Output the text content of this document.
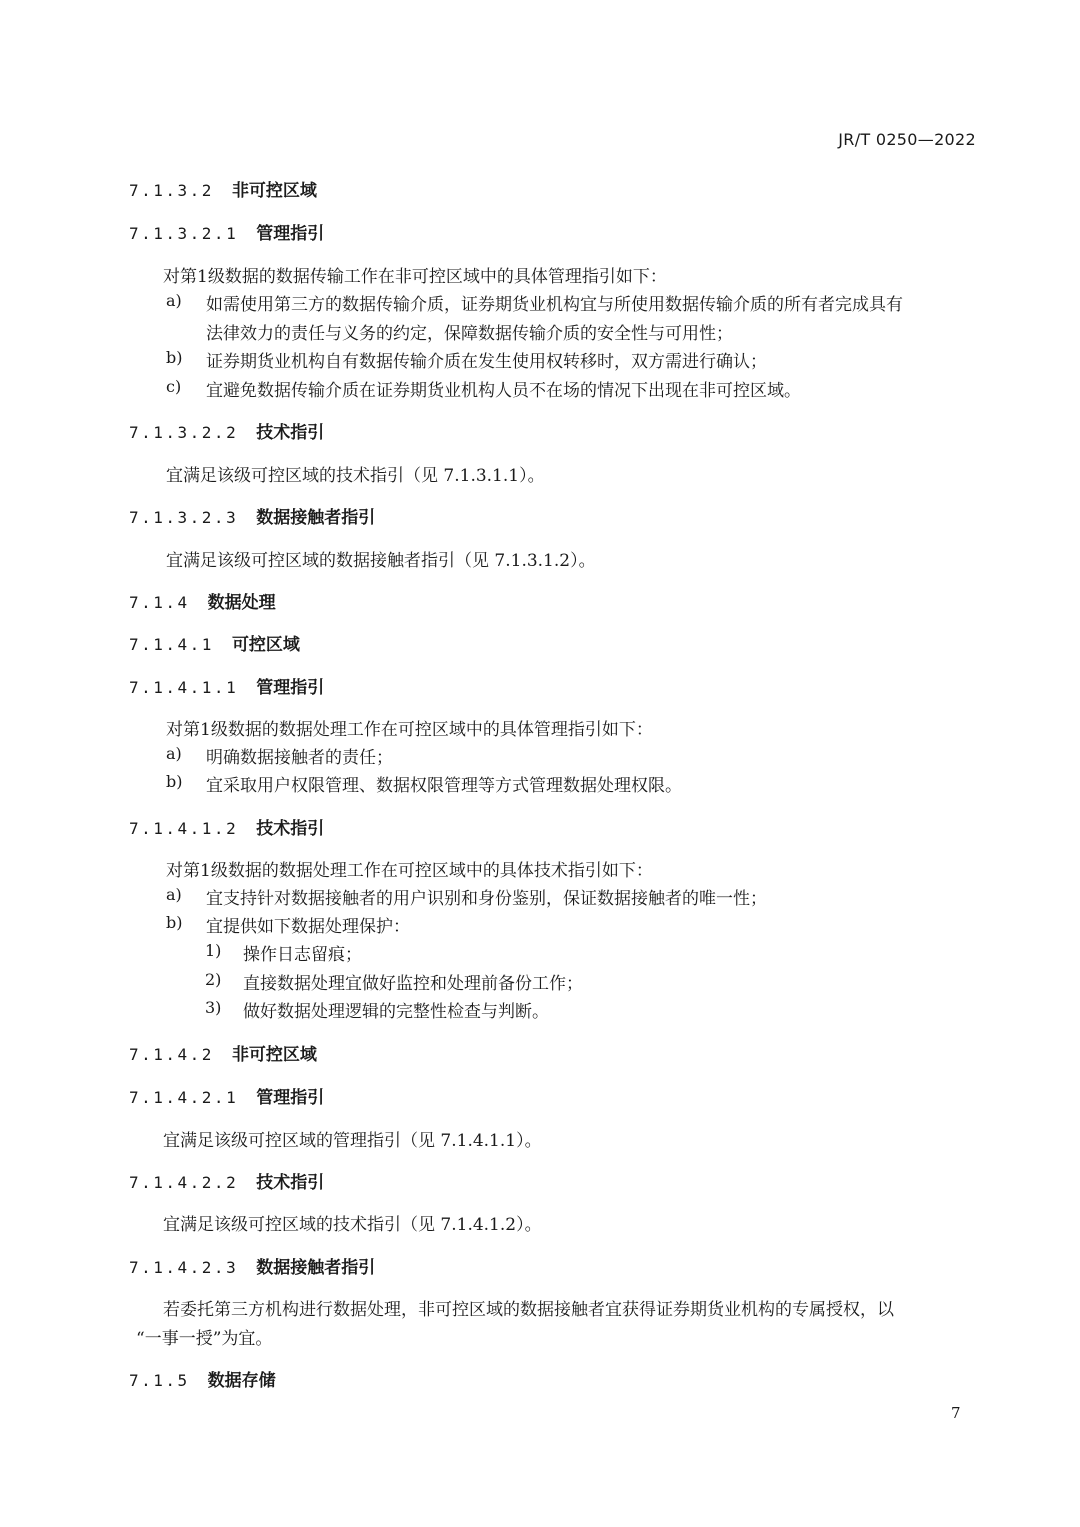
JR/T 0250—2022
7.1.3.2 非可控区域
7.1.3.2.1 管理指引
对第1级数据的数据传输工作在非可控区域中的具体管理指引如下：
a) 如需使用第三方的数据传输介质，证券期货业机构宜与所使用数据传输介质的所有者完成具有
法律效力的责任与义务的约定，保障数据传输介质的安全性与可用性；
b) 证券期货业机构自有数据传输介质在发生使用权转移时，双方需进行确认；
c) 宜避免数据传输介质在证券期货业机构人员不在场的情况下出现在非可控区域。
7.1.3.2.2 技术指引
宜满足该级可控区域的技术指引（见 7.1.3.1.1）。
7.1.3.2.3 数据接触者指引
宜满足该级可控区域的数据接触者指引（见 7.1.3.1.2）。
7.1.4 数据处理
7.1.4.1 可控区域
7.1.4.1.1 管理指引
对第1级数据的数据处理工作在可控区域中的具体管理指引如下：
a) 明确数据接触者的责任；
b) 宜采取用户权限管理、数据权限管理等方式管理数据处理权限。
7.1.4.1.2 技术指引
对第1级数据的数据处理工作在可控区域中的具体技术指引如下：
a) 宜支持针对数据接触者的用户识别和身份鉴别，保证数据接触者的唯一性；
b) 宜提供如下数据处理保护：
1) 操作日志留痕；
2) 直接数据处理宜做好监控和处理前备份工作；
3) 做好数据处理逻辑的完整性检查与判断。
7.1.4.2 非可控区域
7.1.4.2.1 管理指引
宜满足该级可控区域的管理指引（见 7.1.4.1.1）。
7.1.4.2.2 技术指引
宜满足该级可控区域的技术指引（见 7.1.4.1.2）。
7.1.4.2.3 数据接触者指引
若委托第三方机构进行数据处理，非可控区域的数据接触者宜获得证券期货业机构的专属授权，以
“一事一授”为宜。
7.1.5 数据存储
7
